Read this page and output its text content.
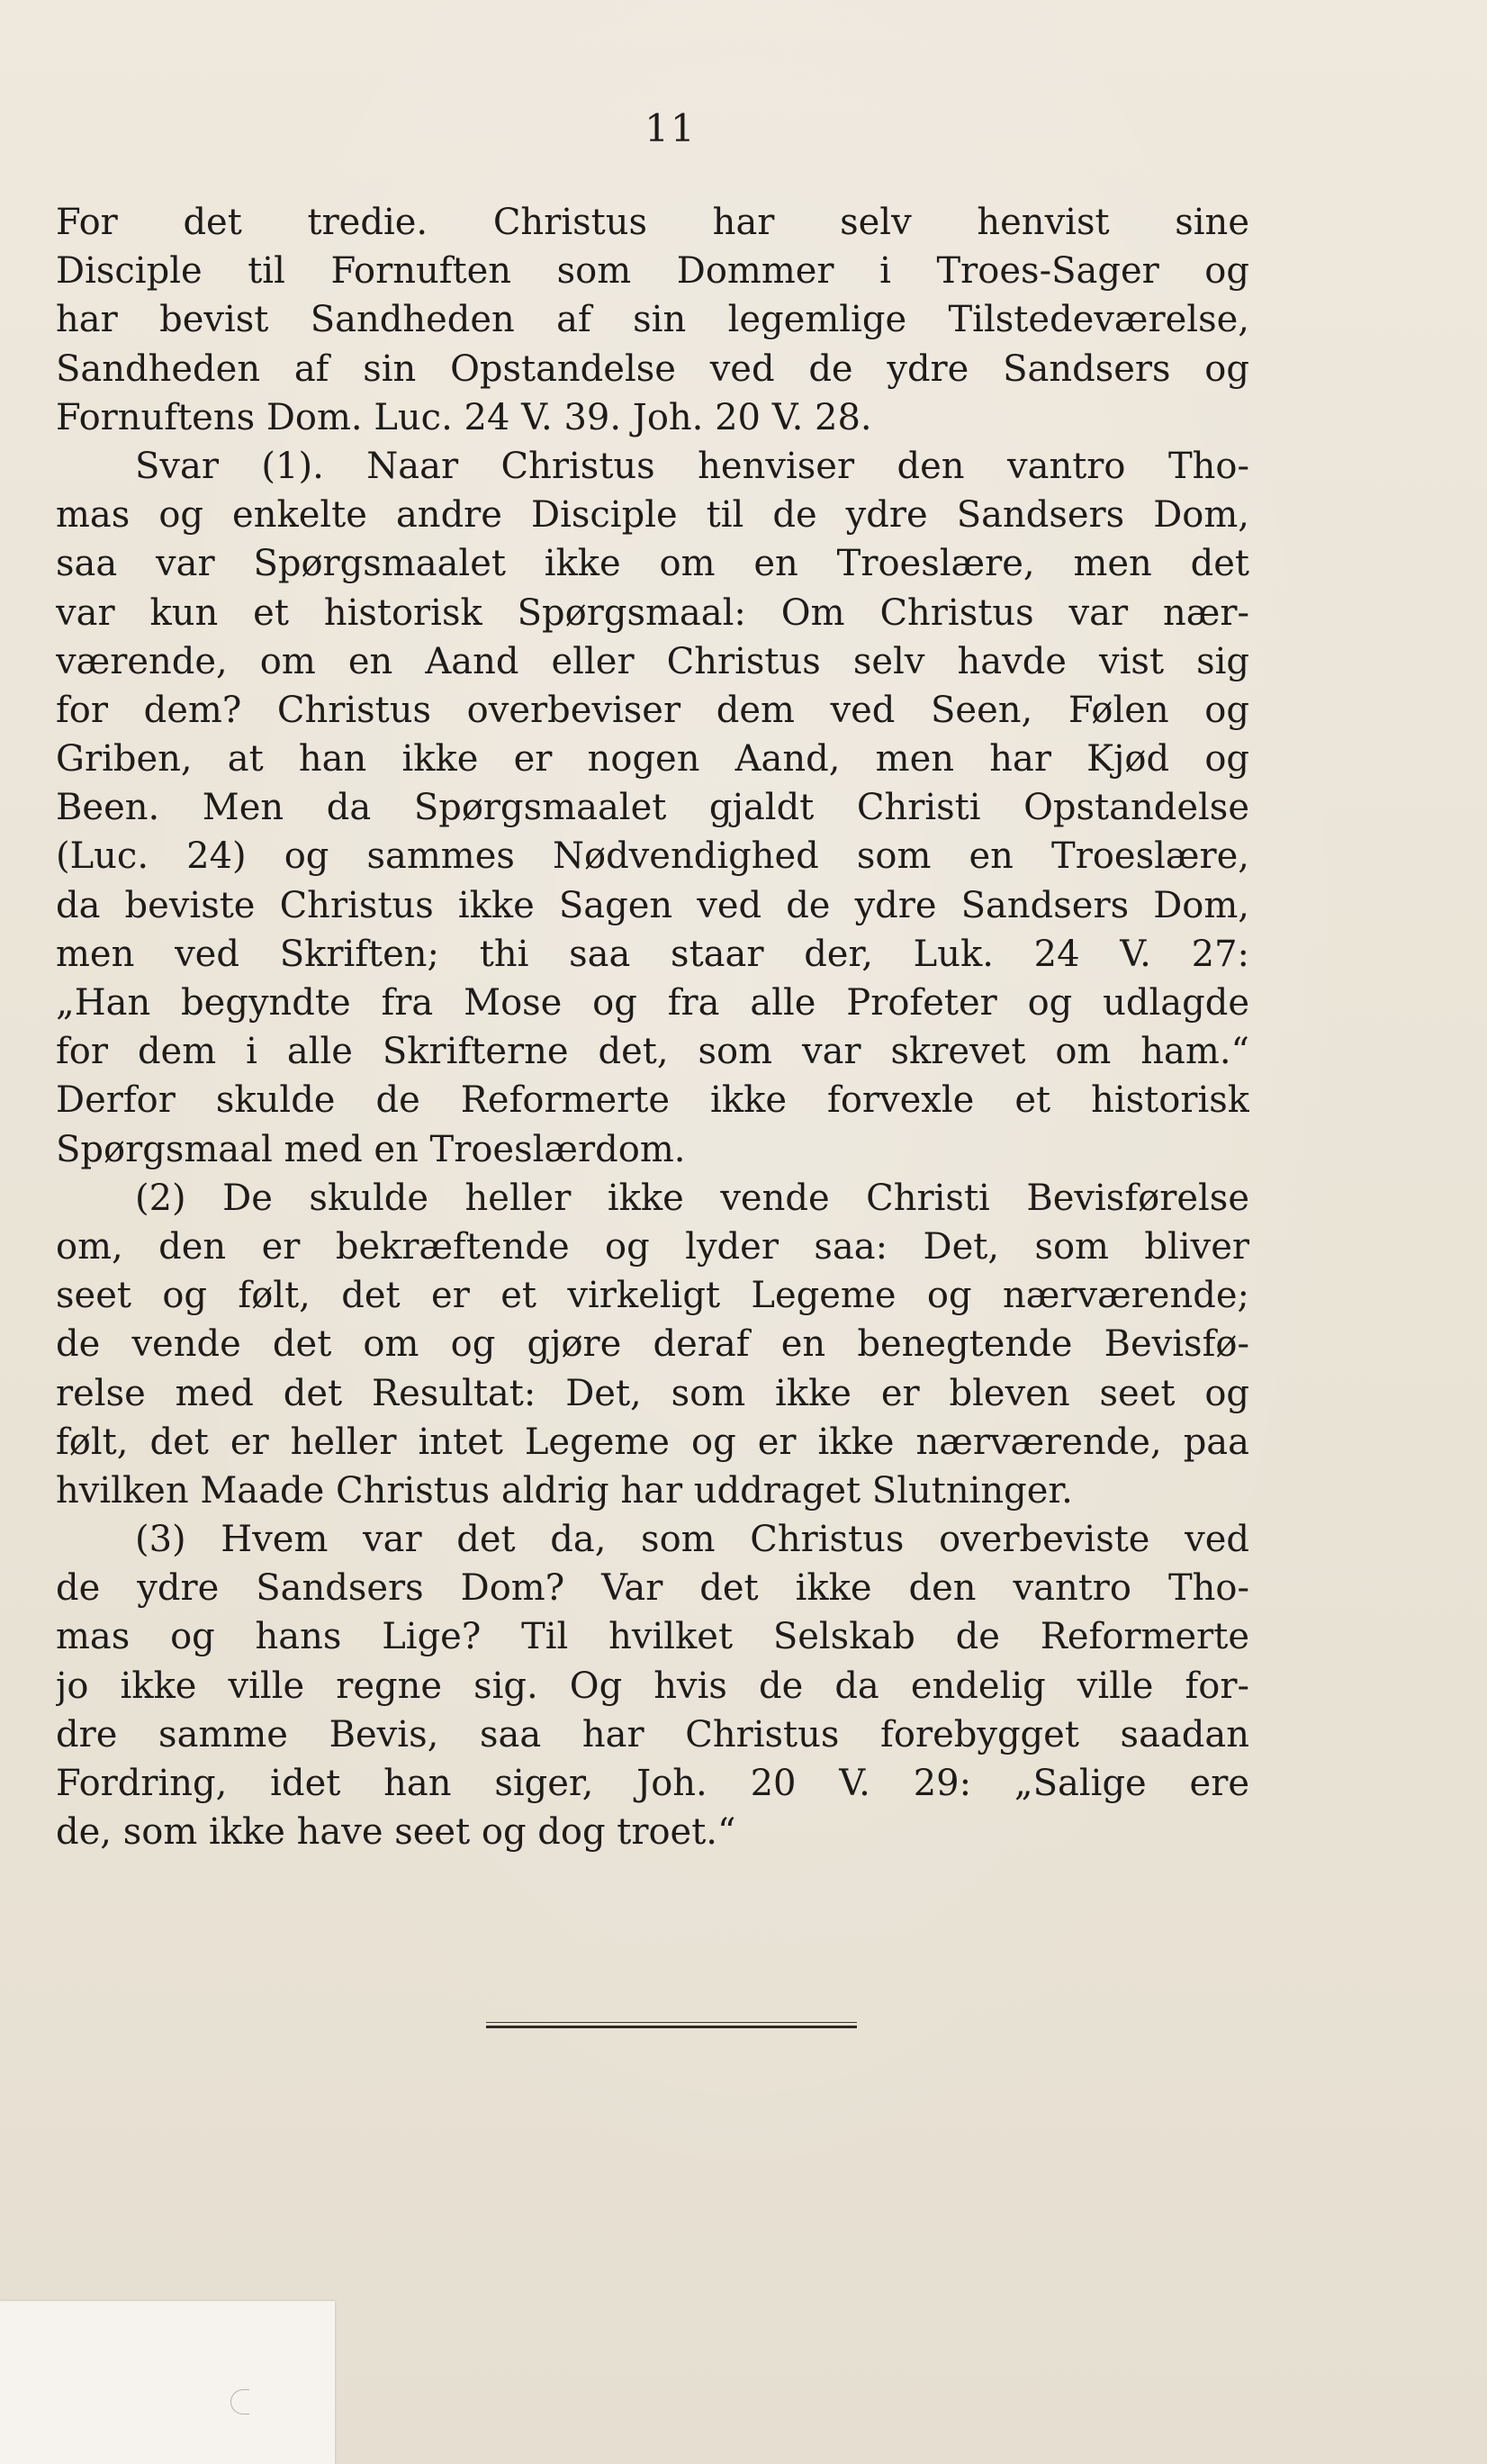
11
For det tredie. Christus har selv henvist sine
Disciple til Fornuften som Dommer i Troes-Sager og
har bevist Sandheden af sin legemlige Tilstedeværelse,
Sandheden af sin Opstandelse ved de ydre Sandsers og
Fornuftens Dom. Luc. 24 V. 39. Joh. 20 V. 28.
Svar (1). Naar Christus henviser den vantro Tho-
mas og enkelte andre Disciple til de ydre Sandsers Dom,
saa var Spørgsmaalet ikke om en Troeslære, men det
var kun et historisk Spørgsmaal: Om Christus var nær-
værende, om en Aand eller Christus selv havde vist sig
for dem? Christus overbeviser dem ved Seen, Følen og
Griben, at han ikke er nogen Aand, men har Kjød og
Been. Men da Spørgsmaalet gjaldt Christi Opstandelse
(Luc. 24) og sammes Nødvendighed som en Troeslære,
da beviste Christus ikke Sagen ved de ydre Sandsers Dom,
men ved Skriften; thi saa staar der, Luk. 24 V. 27:
„Han begyndte fra Mose og fra alle Profeter og udlagde
for dem i alle Skrifterne det, som var skrevet om ham.“
Derfor skulde de Reformerte ikke forvexle et historisk
Spørgsmaal med en Troeslærdom.
(2) De skulde heller ikke vende Christi Bevisførelse
om, den er bekræftende og lyder saa: Det, som bliver
seet og følt, det er et virkeligt Legeme og nærværende;
de vende det om og gjøre deraf en benegtende Bevisfø-
relse med det Resultat: Det, som ikke er bleven seet og
følt, det er heller intet Legeme og er ikke nærværende, paa
hvilken Maade Christus aldrig har uddraget Slutninger.
(3) Hvem var det da, som Christus overbeviste ved
de ydre Sandsers Dom? Var det ikke den vantro Tho-
mas og hans Lige? Til hvilket Selskab de Reformerte
jo ikke ville regne sig. Og hvis de da endelig ville for-
dre samme Bevis, saa har Christus forebygget saadan
Fordring, idet han siger, Joh. 20 V. 29: „Salige ere
de, som ikke have seet og dog troet.“
